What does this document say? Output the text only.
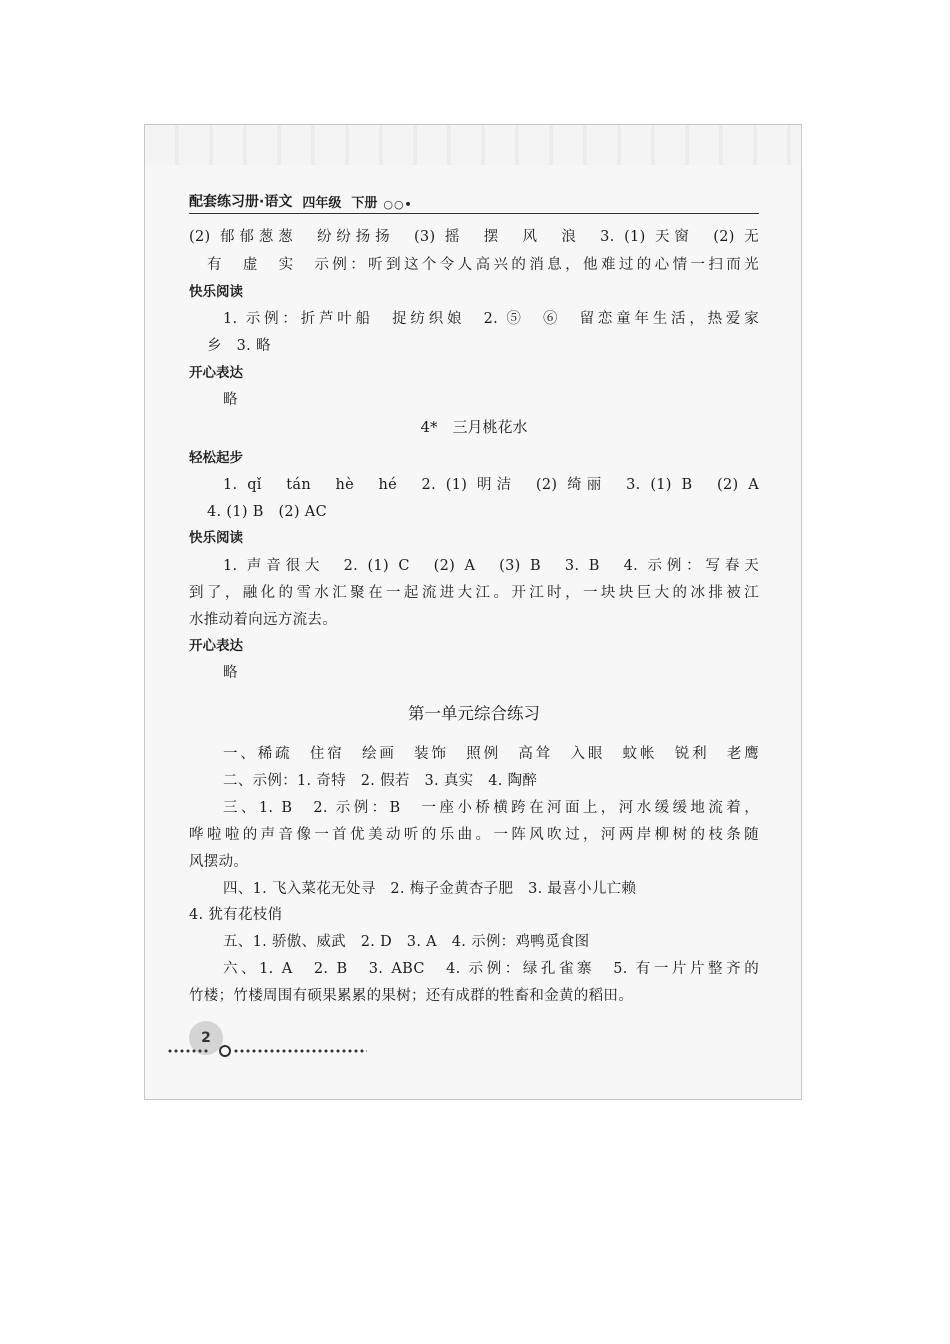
配套练习册·语文 四年级 下册 ○○•
(2) 郁郁葱葱　纷纷扬扬　(3) 摇　摆　风　浪　3. (1) 天窗　(2) 无
有　虚　实　示例：听到这个令人高兴的消息，他难过的心情一扫而光
快乐阅读
1. 示例：折芦叶船　捉纺织娘　2. ⑤　⑥　留恋童年生活，热爱家
乡　3. 略
开心表达
略
4*　三月桃花水
轻松起步
1. qǐ　tán　hè　hé　2. (1) 明洁　(2) 绮丽　3. (1) B　(2) A
4. (1) B　(2) AC
快乐阅读
1. 声音很大　2. (1) C　(2) A　(3) B　3. B　4. 示例：写春天
到了，融化的雪水汇聚在一起流进大江。开江时，一块块巨大的冰排被江
水推动着向远方流去。
开心表达
略
第一单元综合练习
一、稀疏　住宿　绘画　装饰　照例　高耸　入眼　蚊帐　锐利　老鹰
二、示例：1. 奇特　2. 假若　3. 真实　4. 陶醉
三、1. B　2. 示例：B　一座小桥横跨在河面上，河水缓缓地流着，
哗啦啦的声音像一首优美动听的乐曲。一阵风吹过，河两岸柳树的枝条随
风摆动。
四、1. 飞入菜花无处寻　2. 梅子金黄杏子肥　3. 最喜小儿亡赖
4. 犹有花枝俏
五、1. 骄傲、威武　2. D　3. A　4. 示例：鸡鸭觅食图
六、1. A　2. B　3. ABC　4. 示例：绿孔雀寨　5. 有一片片整齐的
竹楼；竹楼周围有硕果累累的果树；还有成群的牲畜和金黄的稻田。
2
